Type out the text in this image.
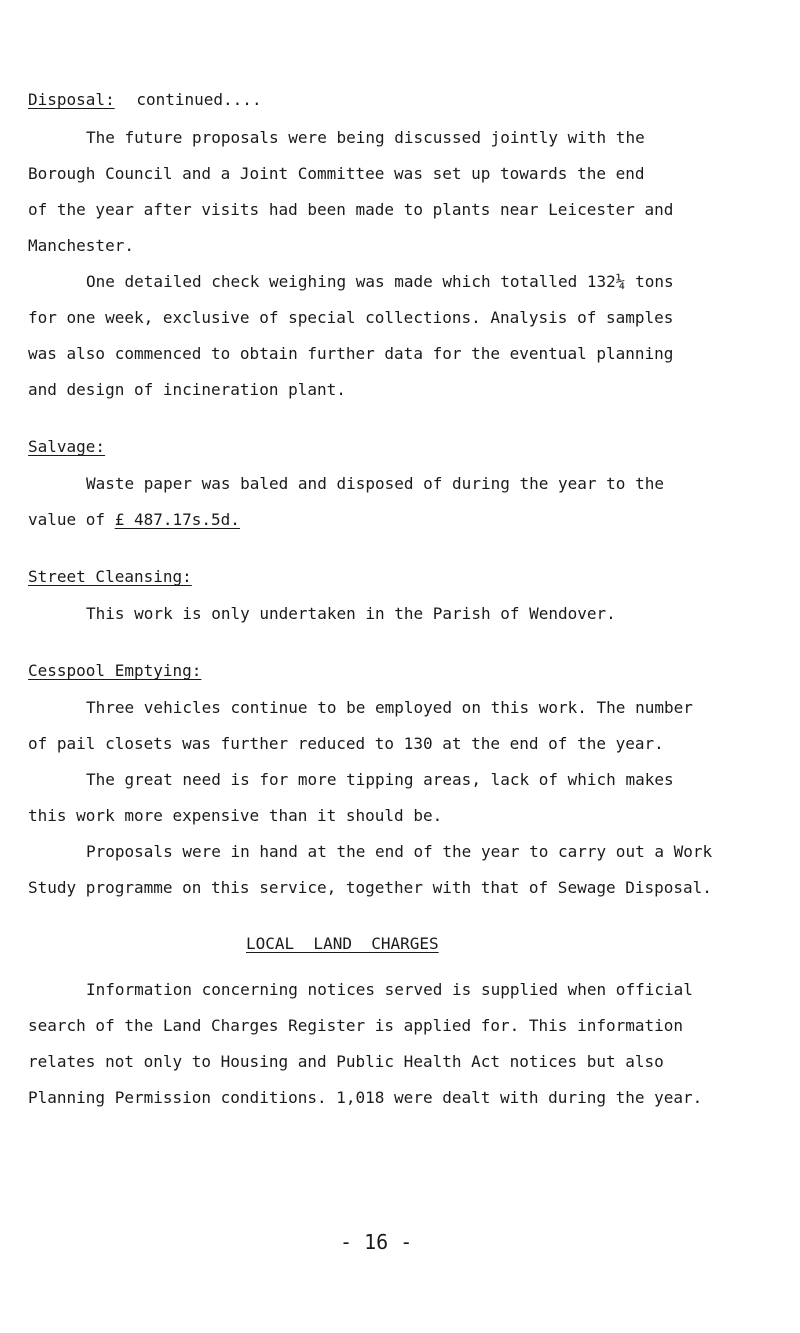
Disposal: continued....
The future proposals were being discussed jointly with the
Borough Council and a Joint Committee was set up towards the end
of the year after visits had been made to plants near Leicester and
Manchester.
One detailed check weighing was made which totalled 132¼ tons
for one week, exclusive of special collections. Analysis of samples
was also commenced to obtain further data for the eventual planning
and design of incineration plant.
Salvage:
Waste paper was baled and disposed of during the year to the
value of £ 487.17s.5d.
Street Cleansing:
This work is only undertaken in the Parish of Wendover.
Cesspool Emptying:
Three vehicles continue to be employed on this work. The number
of pail closets was further reduced to 130 at the end of the year.
The great need is for more tipping areas, lack of which makes
this work more expensive than it should be.
Proposals were in hand at the end of the year to carry out a Work
Study programme on this service, together with that of Sewage Disposal.
LOCAL  LAND  CHARGES
Information concerning notices served is supplied when official
search of the Land Charges Register is applied for. This information
relates not only to Housing and Public Health Act notices but also
Planning Permission conditions. 1,018 were dealt with during the year.
- 16 -
